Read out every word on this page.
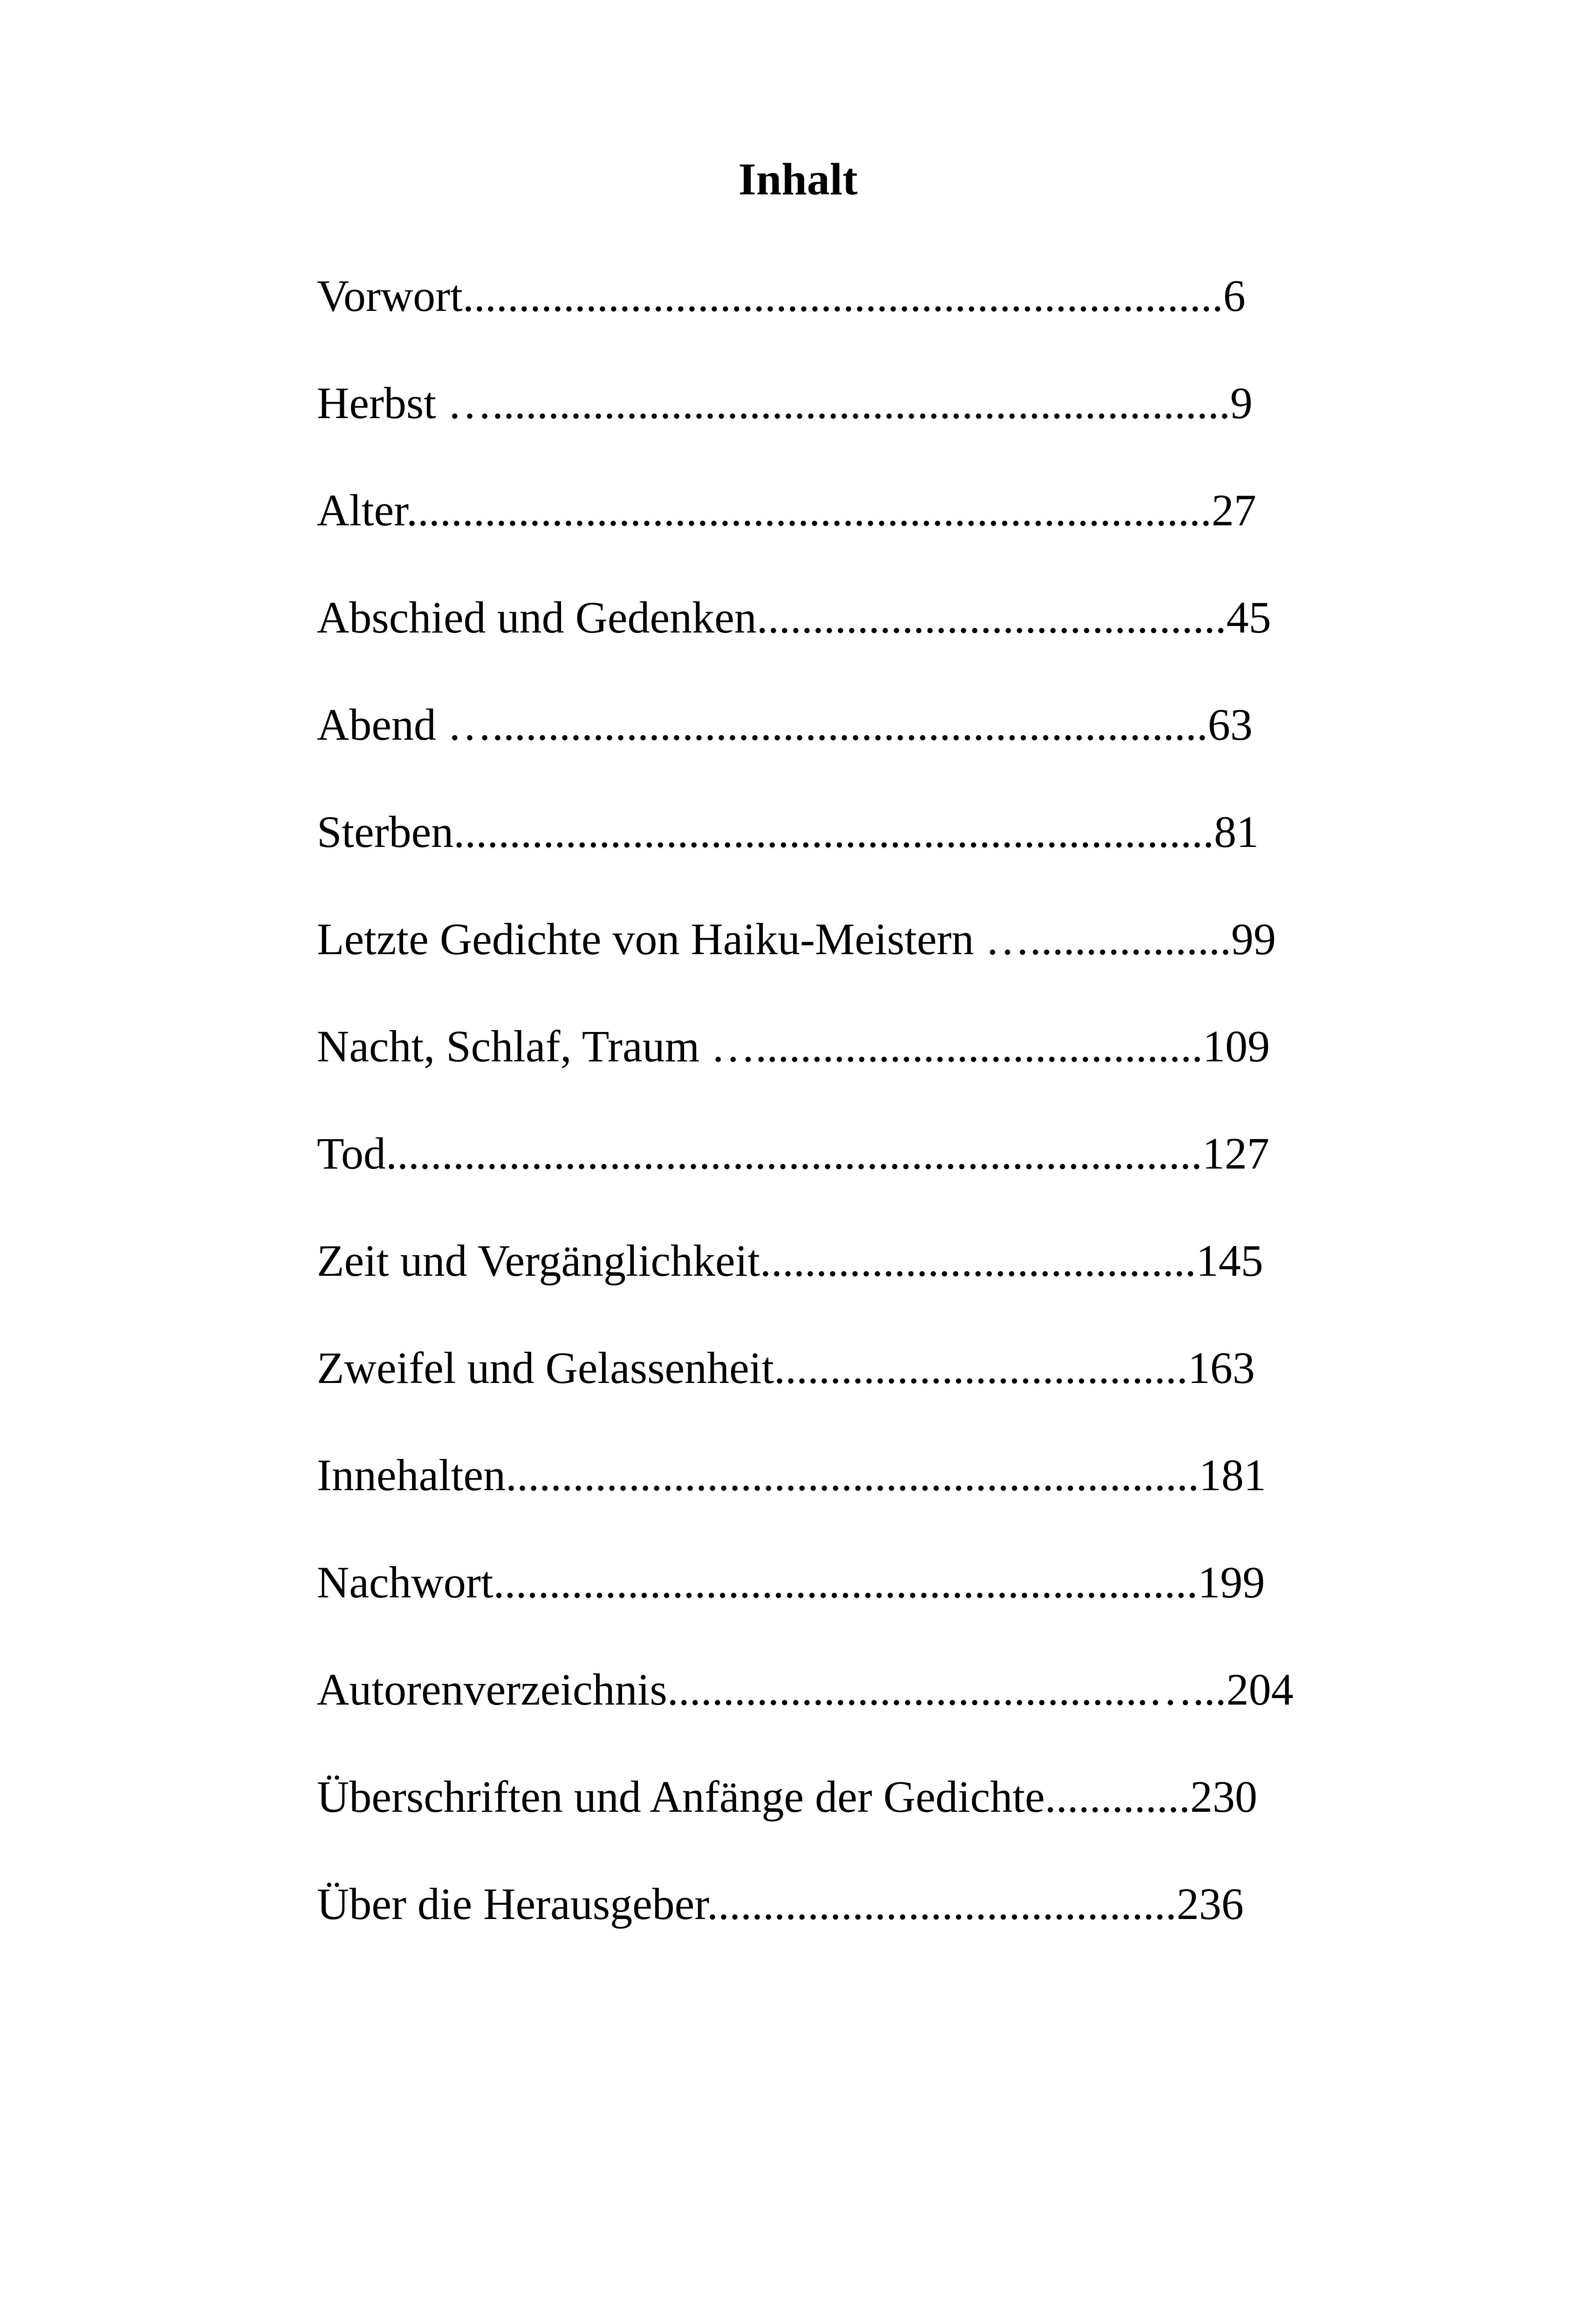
Inhalt
Vorwort....................................................................6
Herbst …..................................................................9
Alter........................................................................27
Abschied und Gedenken..........................................45
Abend …................................................................63
Sterben....................................................................81
Letzte Gedichte von Haiku-Meistern …..................99
Nacht, Schlaf, Traum …........................................109
Tod.........................................................................127
Zeit und Vergänglichkeit.......................................145
Zweifel und Gelassenheit.....................................163
Innehalten..............................................................181
Nachwort...............................................................199
Autorenverzeichnis...........................................…...204
Überschriften und Anfänge der Gedichte.............230
Über die Herausgeber..........................................236
